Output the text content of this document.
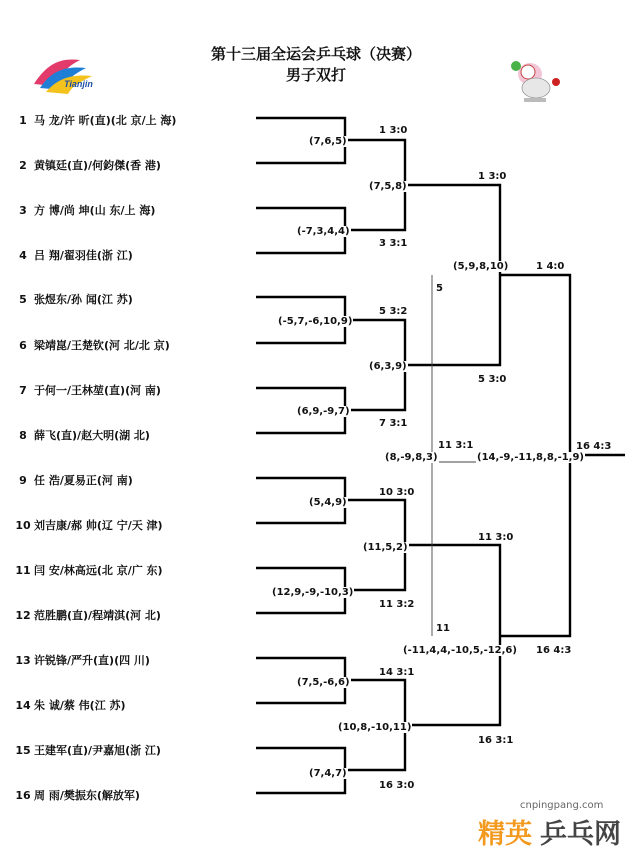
Tianjin
第十三届全运会乒乓球（决赛）
男子双打
1 马 龙/许 昕(直)(北 京/上 海)
2 黄镇廷(直)/何鈞傑(香 港)
3 方 博/尚 坤(山 东/上 海)
4 吕 翔/翟羽佳(浙 江)
5 张煜东/孙 闻(江 苏)
6 梁靖崑/王楚钦(河 北/北 京)
7 于何一/王林堃(直)(河 南)
8 薛飞(直)/赵大明(湖 北)
9 任 浩/夏易正(河 南)
10 刘吉康/郝 帅(辽 宁/天 津)
11 闫 安/林高远(北 京/广 东)
12 范胜鹏(直)/程靖淇(河 北)
13 许锐锋/严升(直)(四 川)
14 朱 诚/蔡 伟(江 苏)
15 王建军(直)/尹嘉旭(浙 江)
16 周 雨/樊振东(解放军)
1 3:0
(7,6,5)
3 3:1
(-7,3,4,4)
5 3:2
(-5,7,-6,10,9)
7 3:1
(6,9,-9,7)
10 3:0
(5,4,9)
11 3:2
(12,9,-9,-10,3)
14 3:1
(7,5,-6,6)
16 3:0
(7,4,7)
1 3:0
(7,5,8)
5 3:0
(6,3,9)
11 3:0
(11,5,2)
16 3:1
(10,8,-10,11)
1 4:0
(5,9,8,10)
16 4:3
(-11,4,4,-10,5,-12,6)
16 4:3
(14,-9,-11,8,8,-1,9)
5
11
11 3:1
(8,-9,8,3)
cnpingpang.com
精英 乒乓网
